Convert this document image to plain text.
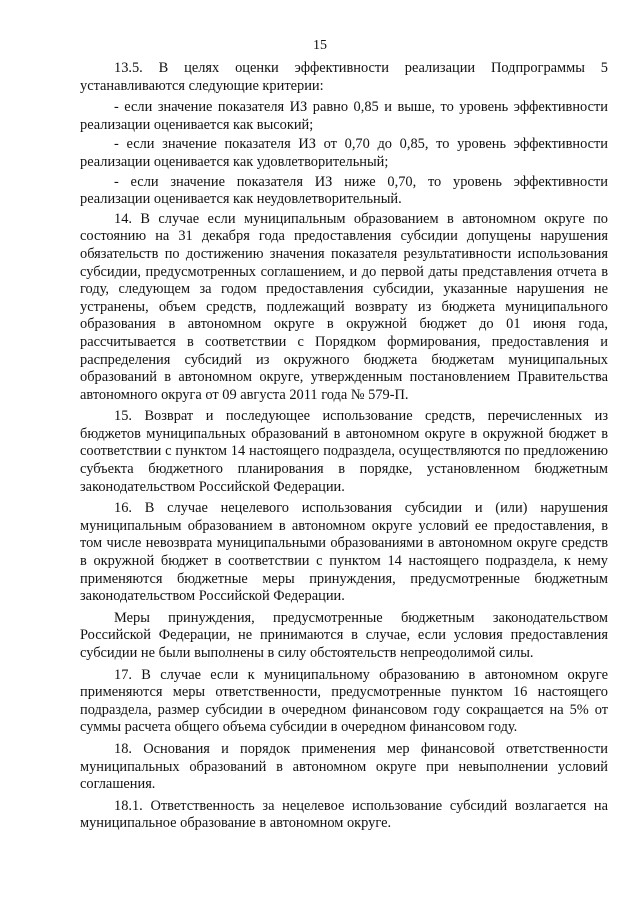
15

13.5. В целях оценки эффективности реализации Подпрограммы 5 устанавливаются следующие критерии:

- если значение показателя ИЗ равно 0,85 и выше, то уровень эффективности реализации оценивается как высокий;

- если значение показателя ИЗ от 0,70 до 0,85, то уровень эффективности реализации оценивается как удовлетворительный;

- если значение показателя ИЗ ниже 0,70, то уровень эффективности реализации оценивается как неудовлетворительный.

14. В случае если муниципальным образованием в автономном округе по состоянию на 31 декабря года предоставления субсидии допущены нарушения обязательств по достижению значения показателя результативности использования субсидии, предусмотренных соглашением, и до первой даты представления отчета в году, следующем за годом предоставления субсидии, указанные нарушения не устранены, объем средств, подлежащий возврату из бюджета муниципального образования в автономном округе в окружной бюджет до 01 июня года, рассчитывается в соответствии с Порядком формирования, предоставления и распределения субсидий из окружного бюджета бюджетам муниципальных образований в автономном округе, утвержденным постановлением Правительства автономного округа от 09 августа 2011 года № 579-П.

15. Возврат и последующее использование средств, перечисленных из бюджетов муниципальных образований в автономном округе в окружной бюджет в соответствии с пунктом 14 настоящего подраздела, осуществляются по предложению субъекта бюджетного планирования в порядке, установленном бюджетным законодательством Российской Федерации.

16. В случае нецелевого использования субсидии и (или) нарушения муниципальным образованием в автономном округе условий ее предоставления, в том числе невозврата муниципальными образованиями в автономном округе средств в окружной бюджет в соответствии с пунктом 14 настоящего подраздела, к нему применяются бюджетные меры принуждения, предусмотренные бюджетным законодательством Российской Федерации.

Меры принуждения, предусмотренные бюджетным законодательством Российской Федерации, не принимаются в случае, если условия предоставления субсидии не были выполнены в силу обстоятельств непреодолимой силы.

17. В случае если к муниципальному образованию в автономном округе применяются меры ответственности, предусмотренные пунктом 16 настоящего подраздела, размер субсидии в очередном финансовом году сокращается на 5% от суммы расчета общего объема субсидии в очередном финансовом году.

18. Основания и порядок применения мер финансовой ответственности муниципальных образований в автономном округе при невыполнении условий соглашения.

18.1. Ответственность за нецелевое использование субсидий возлагается на муниципальное образование в автономном округе.
